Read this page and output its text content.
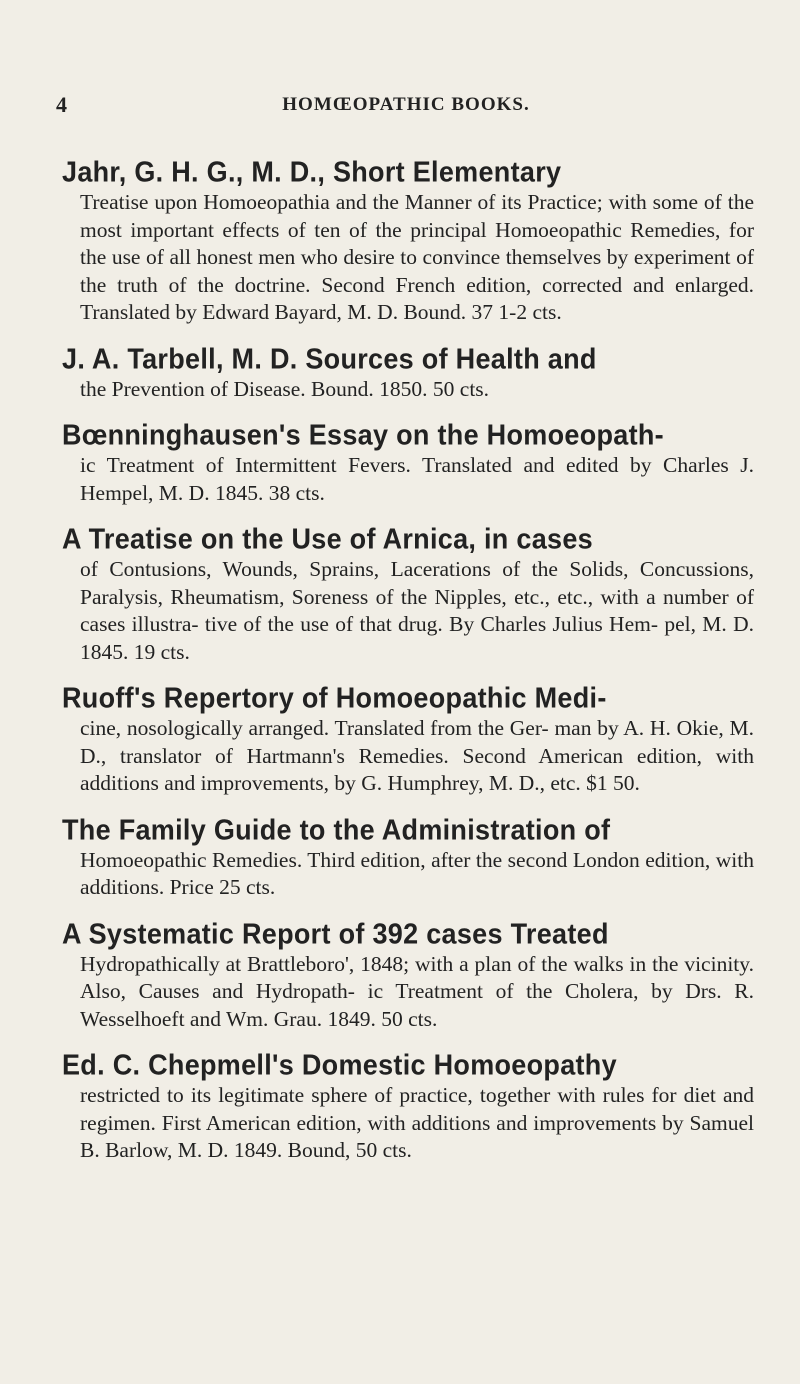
4	HOMŒOPATHIC BOOKS.
Jahr, G. H. G., M. D., Short Elementary
Treatise upon Homoeopathia and the Manner of its Practice; with some of the most important effects of ten of the principal Homoeopathic Remedies, for the use of all honest men who desire to convince themselves by experiment of the truth of the doctrine. Second French edition, corrected and enlarged. Translated by Edward Bayard, M. D. Bound. 37 1-2 cts.
J. A. Tarbell, M. D. Sources of Health and
the Prevention of Disease. Bound. 1850. 50 cts.
Bœnninghausen's Essay on the Homoeopath-
ic Treatment of Intermittent Fevers. Translated and edited by Charles J. Hempel, M. D. 1845. 38 cts.
A Treatise on the Use of Arnica, in cases
of Contusions, Wounds, Sprains, Lacerations of the Solids, Concussions, Paralysis, Rheumatism, Soreness of the Nipples, etc., etc., with a number of cases illustra- tive of the use of that drug. By Charles Julius Hem- pel, M. D. 1845. 19 cts.
Ruoff's Repertory of Homoeopathic Medi-
cine, nosologically arranged. Translated from the Ger- man by A. H. Okie, M. D., translator of Hartmann's Remedies. Second American edition, with additions and improvements, by G. Humphrey, M. D., etc. $1 50.
The Family Guide to the Administration of
Homoeopathic Remedies. Third edition, after the second London edition, with additions. Price 25 cts.
A Systematic Report of 392 cases Treated
Hydropathically at Brattleboro', 1848; with a plan of the walks in the vicinity. Also, Causes and Hydropath- ic Treatment of the Cholera, by Drs. R. Wesselhoeft and Wm. Grau. 1849. 50 cts.
Ed. C. Chepmell's Domestic Homoeopathy
restricted to its legitimate sphere of practice, together with rules for diet and regimen. First American edition, with additions and improvements by Samuel B. Barlow, M. D. 1849. Bound, 50 cts.
